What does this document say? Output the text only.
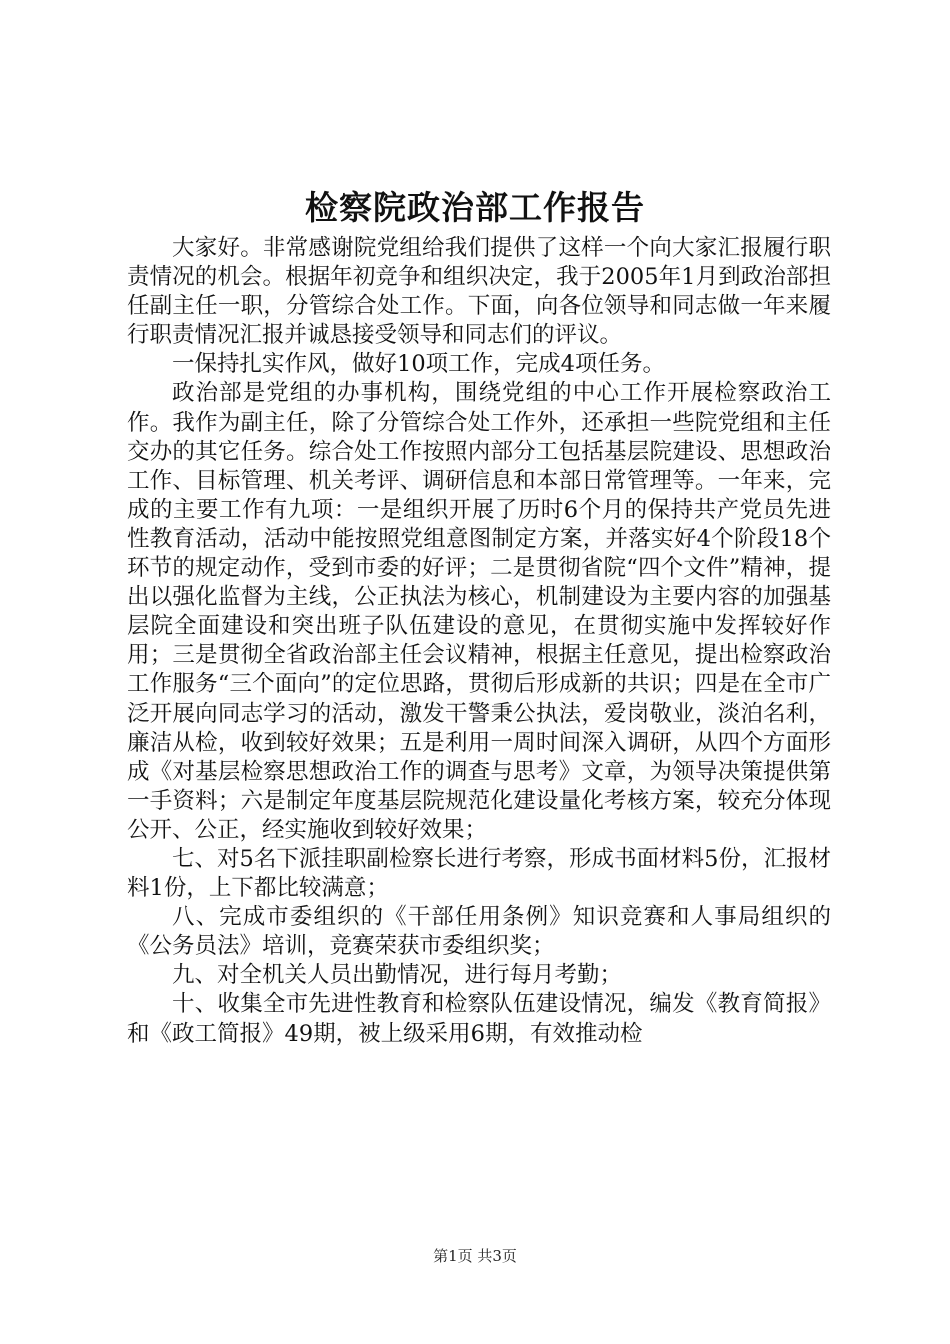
检察院政治部工作报告

大家好。非常感谢院党组给我们提供了这样一个向大家汇报履行职责情况的机会。根据年初竞争和组织决定，我于2005年1月到政治部担任副主任一职，分管综合处工作。下面，向各位领导和同志做一年来履行职责情况汇报并诚恳接受领导和同志们的评议。

一保持扎实作风，做好10项工作，完成4项任务。

政治部是党组的办事机构，围绕党组的中心工作开展检察政治工作。我作为副主任，除了分管综合处工作外，还承担一些院党组和主任交办的其它任务。综合处工作按照内部分工包括基层院建设、思想政治工作、目标管理、机关考评、调研信息和本部日常管理等。一年来，完成的主要工作有九项：一是组织开展了历时6个月的保持共产党员先进性教育活动，活动中能按照党组意图制定方案，并落实好4个阶段18个环节的规定动作，受到市委的好评；二是贯彻省院“四个文件”精神，提出以强化监督为主线，公正执法为核心，机制建设为主要内容的加强基层院全面建设和突出班子队伍建设的意见，在贯彻实施中发挥较好作用；三是贯彻全省政治部主任会议精神，根据主任意见，提出检察政治工作服务“三个面向”的定位思路，贯彻后形成新的共识；四是在全市广泛开展向同志学习的活动，激发干警秉公执法，爱岗敬业，淡泊名利，廉洁从检，收到较好效果；五是利用一周时间深入调研，从四个方面形成《对基层检察思想政治工作的调查与思考》文章，为领导决策提供第一手资料；六是制定年度基层院规范化建设量化考核方案，较充分体现公开、公正，经实施收到较好效果；

七、对5名下派挂职副检察长进行考察，形成书面材料5份，汇报材料1份，上下都比较满意；

八、完成市委组织的《干部任用条例》知识竞赛和人事局组织的《公务员法》培训，竞赛荣获市委组织奖；

九、对全机关人员出勤情况，进行每月考勤；

十、收集全市先进性教育和检察队伍建设情况，编发《教育简报》和《政工简报》49期，被上级采用6期，有效推动检

第1页 共3页
